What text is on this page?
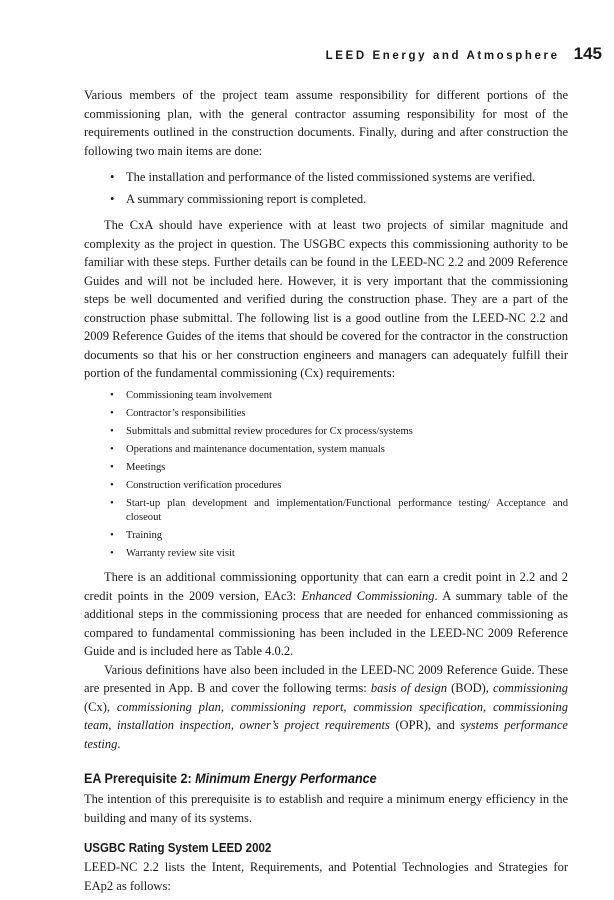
LEED Energy and Atmosphere 145

Various members of the project team assume responsibility for different portions of the commissioning plan, with the general contractor assuming responsibility for most of the requirements outlined in the construction documents. Finally, during and after construction the following two main items are done:

• The installation and performance of the listed commissioned systems are verified.
• A summary commissioning report is completed.

The CxA should have experience with at least two projects of similar magnitude and complexity as the project in question. The USGBC expects this commissioning authority to be familiar with these steps. Further details can be found in the LEED-NC 2.2 and 2009 Reference Guides and will not be included here. However, it is very important that the commissioning steps be well documented and verified during the construction phase. They are a part of the construction phase submittal. The following list is a good outline from the LEED-NC 2.2 and 2009 Reference Guides of the items that should be covered for the contractor in the construction documents so that his or her construction engineers and managers can adequately fulfill their portion of the fundamental commissioning (Cx) requirements:

• Commissioning team involvement
• Contractor’s responsibilities
• Submittals and submittal review procedures for Cx process/systems
• Operations and maintenance documentation, system manuals
• Meetings
• Construction verification procedures
• Start-up plan development and implementation/Functional performance testing/ Acceptance and closeout
• Training
• Warranty review site visit

There is an additional commissioning opportunity that can earn a credit point in 2.2 and 2 credit points in the 2009 version, EAc3: Enhanced Commissioning. A summary table of the additional steps in the commissioning process that are needed for enhanced commissioning as compared to fundamental commissioning has been included in the LEED-NC 2009 Reference Guide and is included here as Table 4.0.2.

Various definitions have also been included in the LEED-NC 2009 Reference Guide. These are presented in App. B and cover the following terms: basis of design (BOD), commissioning (Cx), commissioning plan, commissioning report, commission specification, commissioning team, installation inspection, owner’s project requirements (OPR), and systems performance testing.

EA Prerequisite 2: Minimum Energy Performance

The intention of this prerequisite is to establish and require a minimum energy efficiency in the building and many of its systems.

USGBC Rating System LEED 2002

LEED-NC 2.2 lists the Intent, Requirements, and Potential Technologies and Strategies for EAp2 as follows:
